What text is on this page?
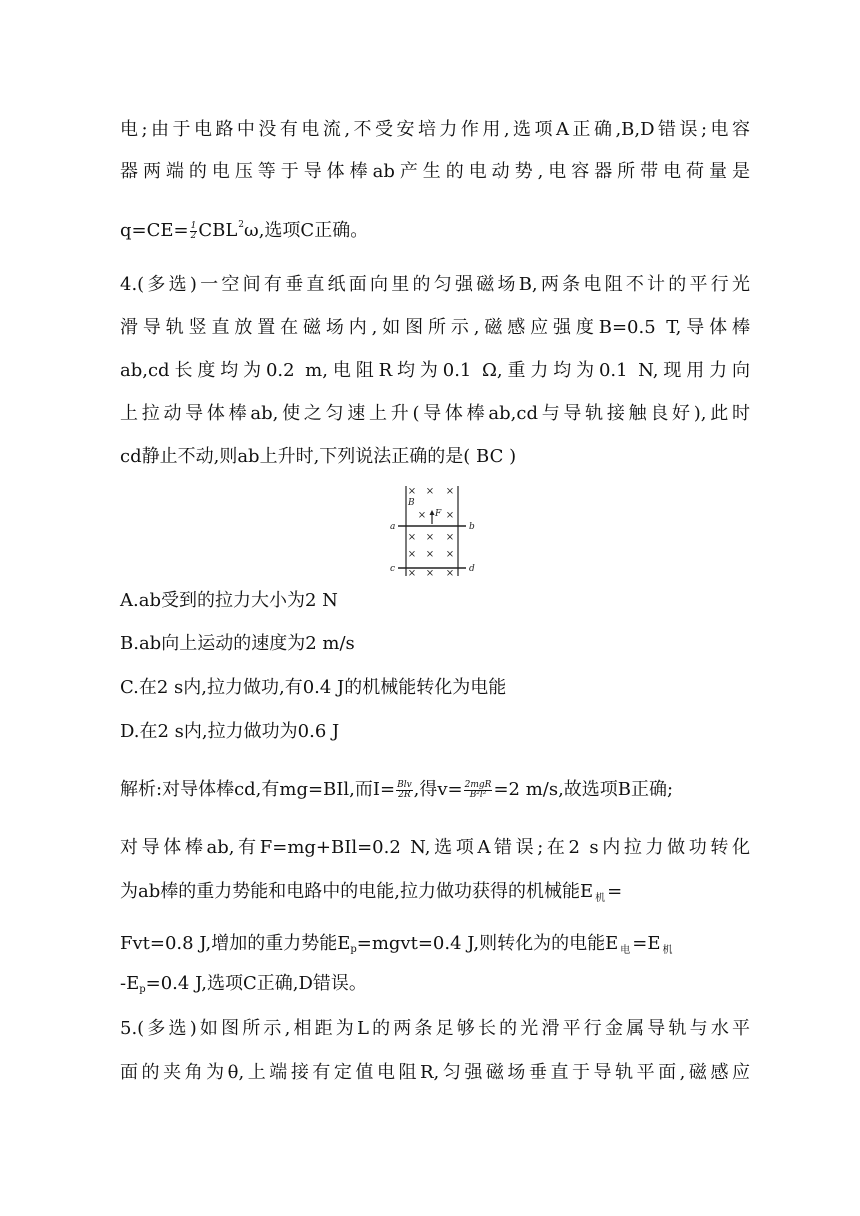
电;由于电路中没有电流,不受安培力作用,选项A正确,B,D错误;电容
器两端的电压等于导体棒ab产生的电动势,电容器所带电荷量是
$q=CE= \frac{1}{2} CBL^2\omega$,选项C正确。
4.(多选)一空间有垂直纸面向里的匀强磁场B,两条电阻不计的平行光
滑导轨竖直放置在磁场内,如图所示,磁感应强度B=0.5 T,导体棒
ab,cd长度均为0.2 m,电阻R均为0.1 Ω,重力均为0.1 N,现用力向
上拉动导体棒ab,使之匀速上升(导体棒ab,cd与导轨接触良好),此时
cd静止不动,则ab上升时,下列说法正确的是( BC )
× × ×
× ×
× × ×
× × ×
× × ×
B
F
a	b
c	d
A.ab受到的拉力大小为2 N
B.ab向上运动的速度为2 m/s
C.在2 s内,拉力做功,有0.4 J的机械能转化为电能
D.在2 s内,拉力做功为0.6 J
解析:对导体棒cd,有mg=BIl,而$I= \frac{\text{Blv}}{2R}$ ,得$v= \frac{\text{2mgR}}{\text{B²l²}} =2$ m/s,故选项B正确;
对导体棒ab,有F=mg+BIl=0.2 N,选项A错误;在2 s内拉力做功转化
为ab棒的重力势能和电路中的电能,拉力做功获得的机械能E $_机$ =
Fvt=0.8 J,增加的重力势能$E_p=mgvt=0.4$ J,则转化为的电能E $_电$ =E $_机$
$-E_p=0.4$ J,选项C正确,D错误。
5.(多选)如图所示,相距为L的两条足够长的光滑平行金属导轨与水平
面的夹角为θ,上端接有定值电阻R,匀强磁场垂直于导轨平面,磁感应
